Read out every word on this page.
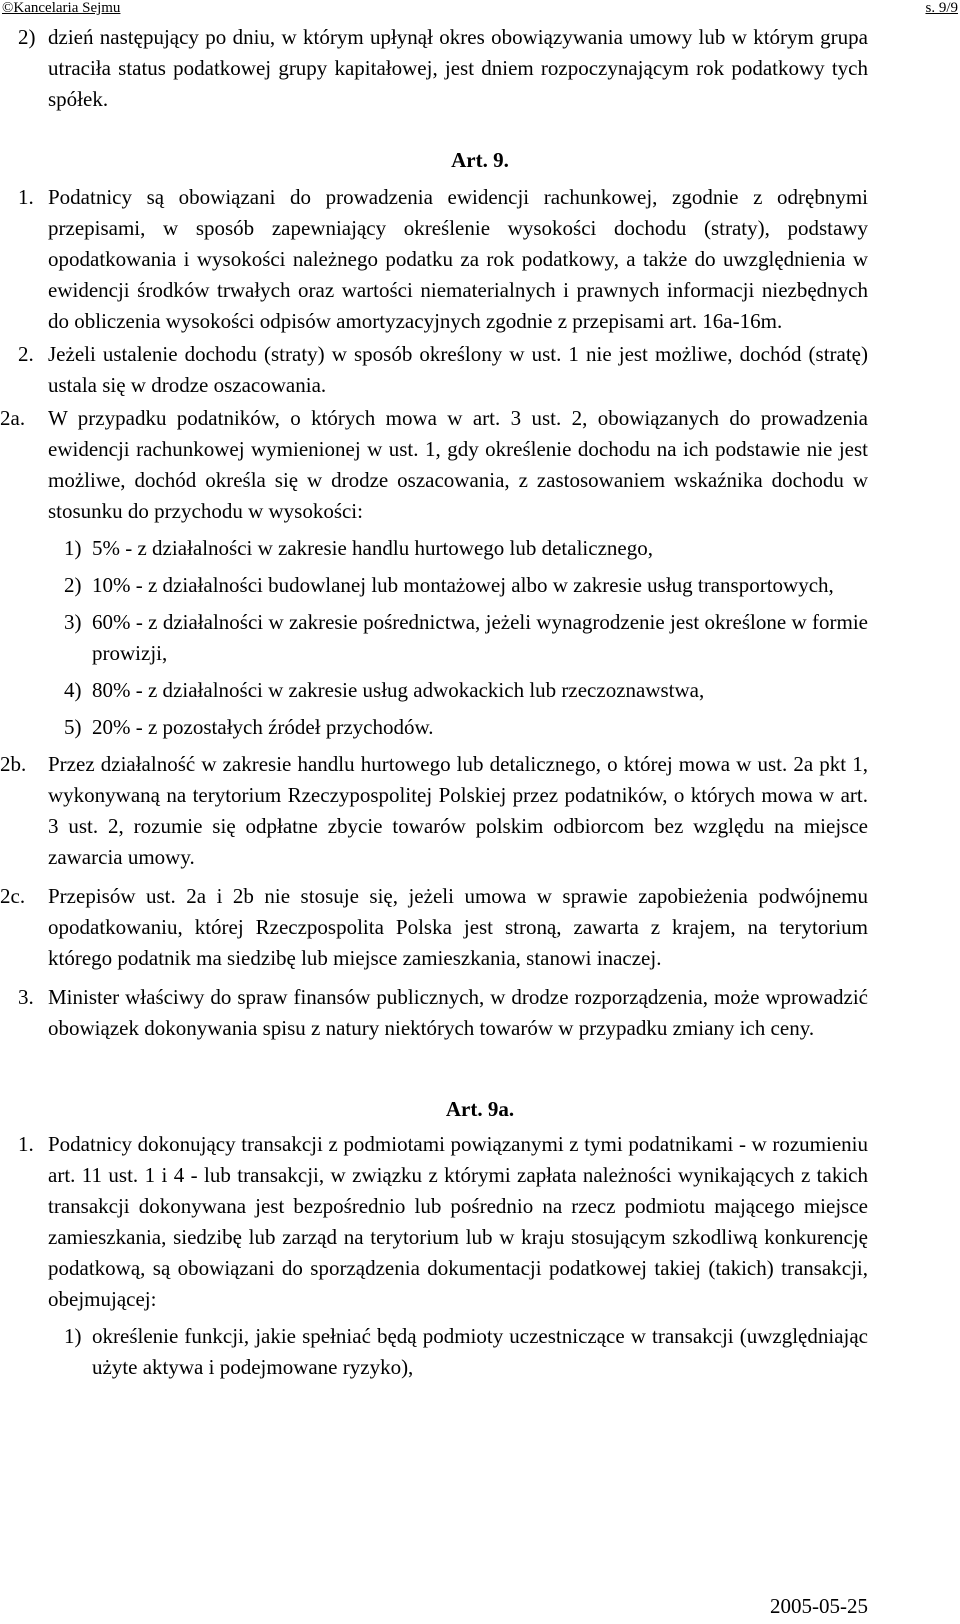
©Kancelaria Sejmu	s. 9/9
2) dzień następujący po dniu, w którym upłynął okres obowiązywania umowy lub w którym grupa utraciła status podatkowej grupy kapitałowej, jest dniem rozpoczynającym rok podatkowy tych spółek.
Art. 9.
1. Podatnicy są obowiązani do prowadzenia ewidencji rachunkowej, zgodnie z odrębnymi przepisami, w sposób zapewniający określenie wysokości dochodu (straty), podstawy opodatkowania i wysokości należnego podatku za rok podatkowy, a także do uwzględnienia w ewidencji środków trwałych oraz wartości niematerialnych i prawnych informacji niezbędnych do obliczenia wysokości odpisów amortyzacyjnych zgodnie z przepisami art. 16a-16m.
2. Jeżeli ustalenie dochodu (straty) w sposób określony w ust. 1 nie jest możliwe, dochód (stratę) ustala się w drodze oszacowania.
2a. W przypadku podatników, o których mowa w art. 3 ust. 2, obowiązanych do prowadzenia ewidencji rachunkowej wymienionej w ust. 1, gdy określenie dochodu na ich podstawie nie jest możliwe, dochód określa się w drodze oszacowania, z zastosowaniem wskaźnika dochodu w stosunku do przychodu w wysokości:
1) 5% - z działalności w zakresie handlu hurtowego lub detalicznego,
2) 10% - z działalności budowlanej lub montażowej albo w zakresie usług transportowych,
3) 60% - z działalności w zakresie pośrednictwa, jeżeli wynagrodzenie jest określone w formie prowizji,
4) 80% - z działalności w zakresie usług adwokackich lub rzeczoznawstwa,
5) 20% - z pozostałych źródeł przychodów.
2b. Przez działalność w zakresie handlu hurtowego lub detalicznego, o której mowa w ust. 2a pkt 1, wykonywaną na terytorium Rzeczypospolitej Polskiej przez podatników, o których mowa w art. 3 ust. 2, rozumie się odpłatne zbycie towarów polskim odbiorcom bez względu na miejsce zawarcia umowy.
2c. Przepisów ust. 2a i 2b nie stosuje się, jeżeli umowa w sprawie zapobieżenia podwójnemu opodatkowaniu, której Rzeczpospolita Polska jest stroną, zawarta z krajem, na terytorium którego podatnik ma siedzibę lub miejsce zamieszkania, stanowi inaczej.
3. Minister właściwy do spraw finansów publicznych, w drodze rozporządzenia, może wprowadzić obowiązek dokonywania spisu z natury niektórych towarów w przypadku zmiany ich ceny.
Art. 9a.
1. Podatnicy dokonujący transakcji z podmiotami powiązanymi z tymi podatnikami - w rozumieniu art. 11 ust. 1 i 4 - lub transakcji, w związku z którymi zapłata należności wynikających z takich transakcji dokonywana jest bezpośrednio lub pośrednio na rzecz podmiotu mającego miejsce zamieszkania, siedzibę lub zarząd na terytorium lub w kraju stosującym szkodliwą konkurencję podatkową, są obowiązani do sporządzenia dokumentacji podatkowej takiej (takich) transakcji, obejmującej:
1) określenie funkcji, jakie spełniać będą podmioty uczestniczące w transakcji (uwzględniając użyte aktywa i podejmowane ryzyko),
2005-05-25
